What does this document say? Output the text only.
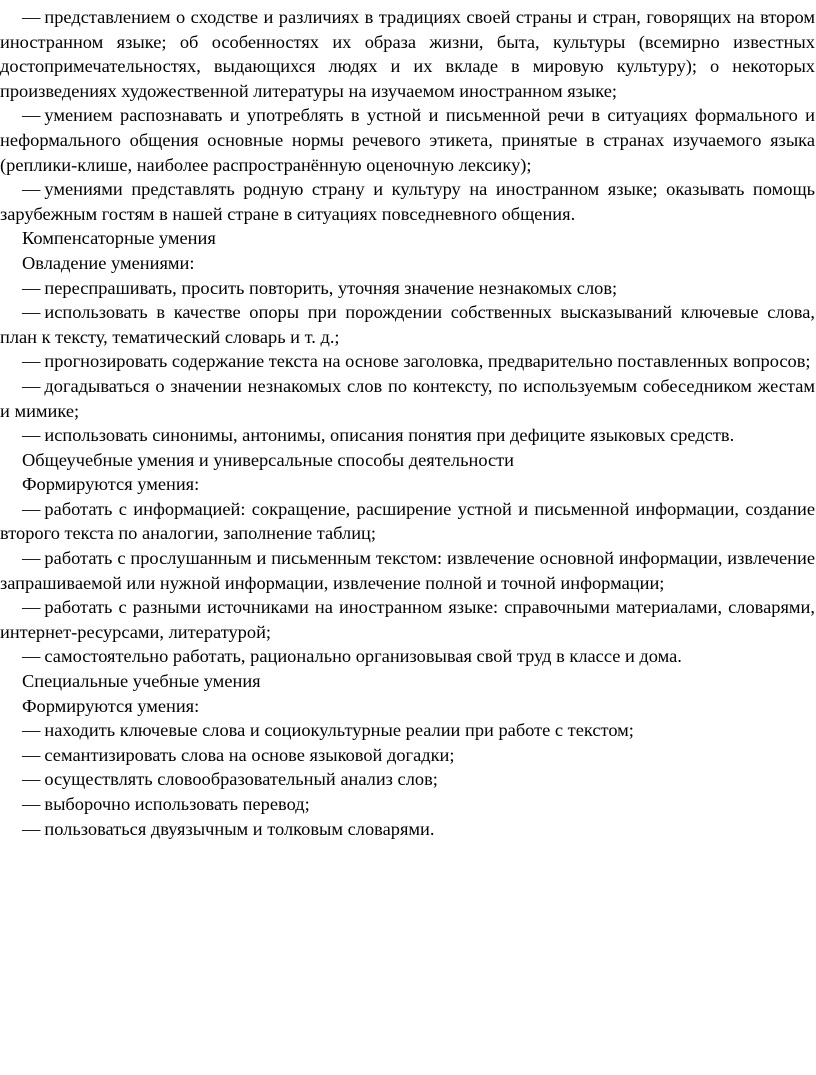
— представлением о сходстве и различиях в традициях своей страны и стран, говорящих на втором иностранном языке; об особенностях их образа жизни, быта, культуры (всемирно известных достопримечательностях, выдающихся людях и их вкладе в мировую культуру); о некоторых произведениях художественной литературы на изучаемом иностранном языке;

— умением распознавать и употреблять в устной и письменной речи в ситуациях формального и неформального общения основные нормы речевого этикета, принятые в странах изучаемого языка (реплики-клише, наиболее распространённую оценочную лексику);

— умениями представлять родную страну и культуру на иностранном языке; оказывать помощь зарубежным гостям в нашей стране в ситуациях повседневного общения.

Компенсаторные умения

Овладение умениями:

— переспрашивать, просить повторить, уточняя значение незнакомых слов;

— использовать в качестве опоры при порождении собственных высказываний ключевые слова, план к тексту, тематический словарь и т. д.;

— прогнозировать содержание текста на основе заголовка, предварительно поставленных вопросов;

— догадываться о значении незнакомых слов по контексту, по используемым собеседником жестам и мимике;

— использовать синонимы, антонимы, описания понятия при дефиците языковых средств.

Общеучебные умения и универсальные способы деятельности

Формируются умения:

— работать с информацией: сокращение, расширение устной и письменной информации, создание второго текста по аналогии, заполнение таблиц;

— работать с прослушанным и письменным текстом: извлечение основной информации, извлечение запрашиваемой или нужной информации, извлечение полной и точной информации;

— работать с разными источниками на иностранном языке: справочными материалами, словарями, интернет-ресурсами, литературой;

— самостоятельно работать, рационально организовывая свой труд в классе и дома.

Специальные учебные умения

Формируются умения:

— находить ключевые слова и социокультурные реалии при работе с текстом;

— семантизировать слова на основе языковой догадки;

— осуществлять словообразовательный анализ слов;

— выборочно использовать перевод;

— пользоваться двуязычным и толковым словарями.
